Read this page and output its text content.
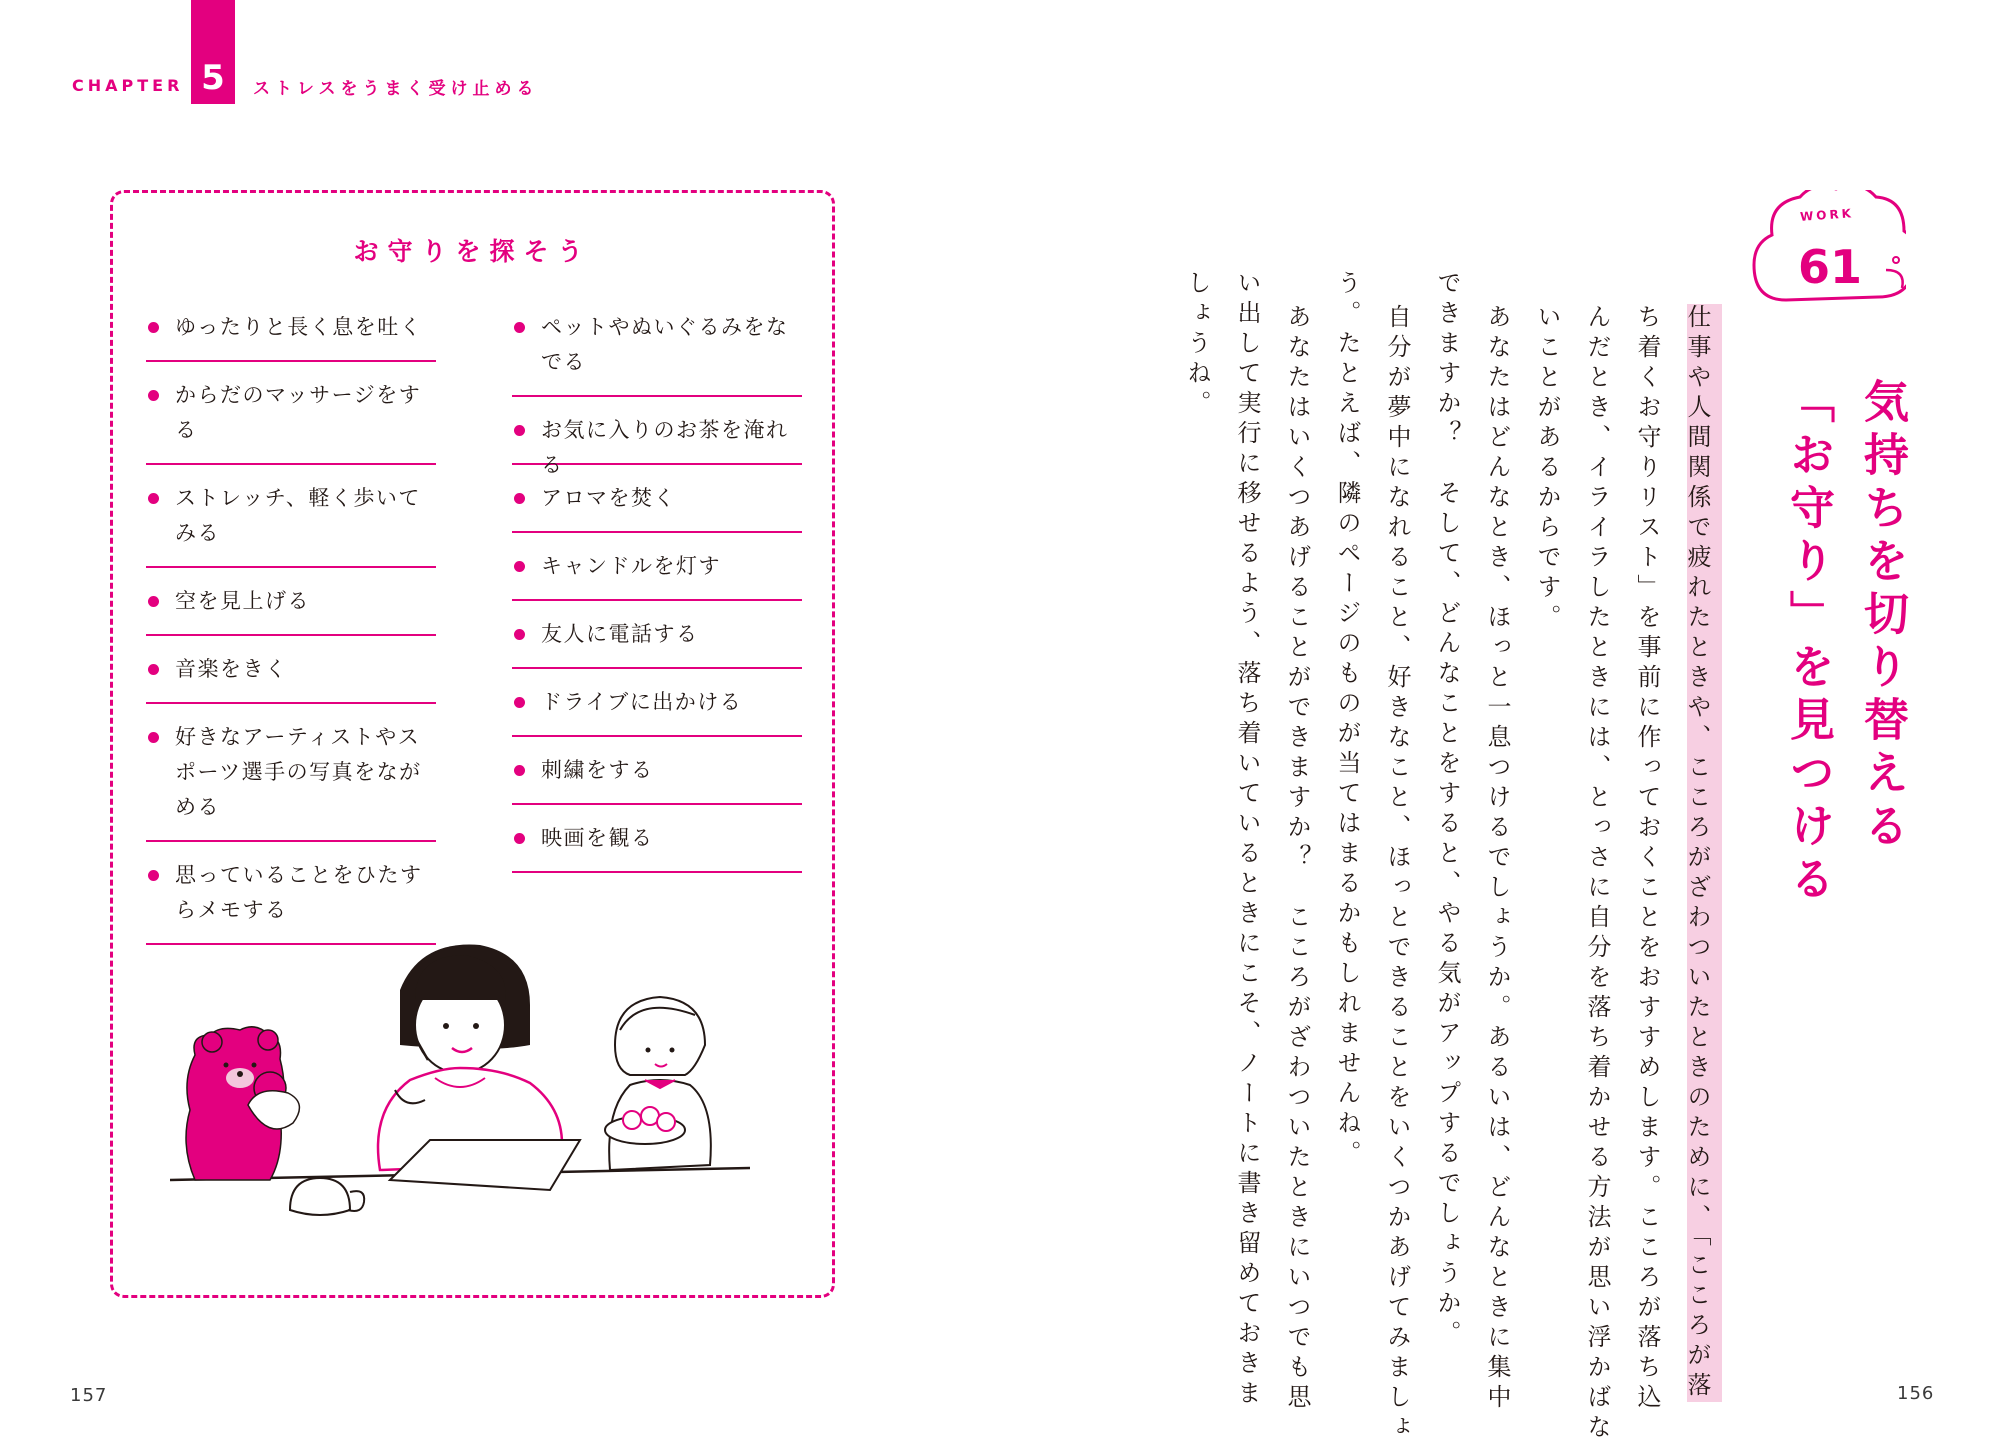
CHAPTER 5	ストレスをうまく受け止める
お守りを探そう
ゆったりと長く息を吐く
からだのマッサージをする
ストレッチ、軽く歩いてみる
空を見上げる
音楽をきく
好きなアーティストやスポーツ選手の写真をながめる
思っていることをひたすらメモする
ペットやぬいぐるみをなでる
お気に入りのお茶を淹れる
アロマを焚く
キャンドルを灯す
友人に電話する
ドライブに出かける
刺繍をする
映画を観る
157	156
WORK
61
気持ちを切り替える
「お守り」を見つける
仕事や人間関係で疲れたときや、こころがざわついたときのために、「こころが落
ち着くお守りリスト」を事前に作っておくことをおすすめします。こころが落ち込
んだとき、イライラしたときには、とっさに自分を落ち着かせる方法が思い浮かばな
いことがあるからです。
あなたはどんなとき、ほっと一息つけるでしょうか。あるいは、どんなときに集中
できますか？　そして、どんなことをすると、やる気がアップするでしょうか。
自分が夢中になれること、好きなこと、ほっとできることをいくつかあげてみましょ
う。たとえば、隣のページのものが当てはまるかもしれませんね。
あなたはいくつあげることができますか？　こころがざわついたときにいつでも思
い出して実行に移せるよう、落ち着いているときにこそ、ノートに書き留めておきま
しょうね。
